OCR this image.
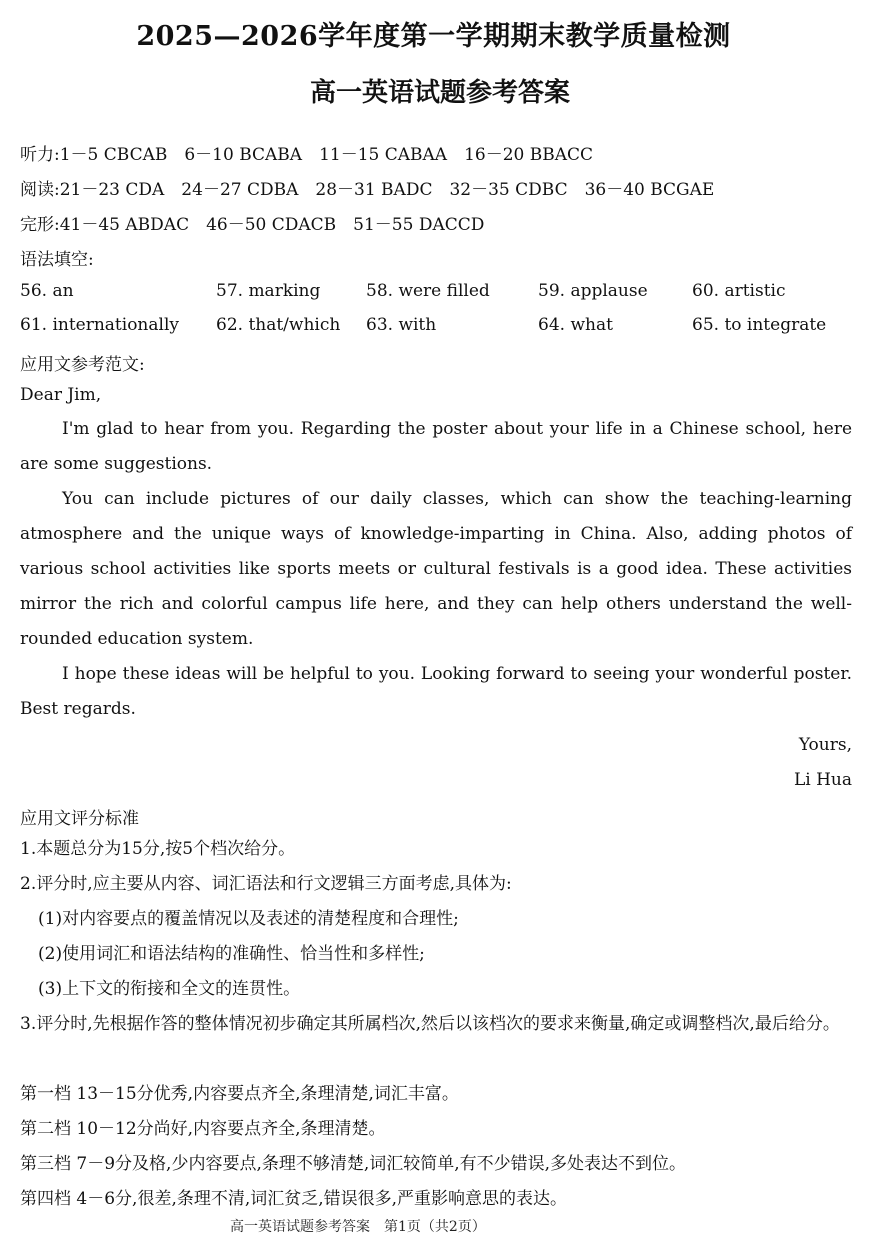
2025—2026学年度第一学期期末教学质量检测
高一英语试题参考答案
听力:1－5 CBCAB　6－10 BCABA　11－15 CABAA　16－20 BBACC
阅读:21－23 CDA　24－27 CDBA　28－31 BADC　32－35 CDBC　36－40 BCGAE
完形:41－45 ABDAC　46－50 CDACB　51－55 DACCD
语法填空:
56. an	57. marking	58. were filled	59. applause	60. artistic
61. internationally 62. that/which 63. with	64. what	65. to integrate
应用文参考范文:
Dear Jim,
I'm glad to hear from you. Regarding the poster about your life in a Chinese school, here are some suggestions.
You can include pictures of our daily classes, which can show the teaching-learning atmosphere and the unique ways of knowledge-imparting in China. Also, adding photos of various school activities like sports meets or cultural festivals is a good idea. These activities mirror the rich and colorful campus life here, and they can help others understand the well-rounded education system.
I hope these ideas will be helpful to you. Looking forward to seeing your wonderful poster. Best regards.
Yours,
Li Hua
应用文评分标准
1.本题总分为15分,按5个档次给分。
2.评分时,应主要从内容、词汇语法和行文逻辑三方面考虑,具体为:
(1)对内容要点的覆盖情况以及表述的清楚程度和合理性;
(2)使用词汇和语法结构的准确性、恰当性和多样性;
(3)上下文的衔接和全文的连贯性。
3.评分时,先根据作答的整体情况初步确定其所属档次,然后以该档次的要求来衡量,确定或调整档次,最后给分。
第一档 13－15分优秀,内容要点齐全,条理清楚,词汇丰富。
第二档 10－12分尚好,内容要点齐全,条理清楚。
第三档 7－9分及格,少内容要点,条理不够清楚,词汇较简单,有不少错误,多处表达不到位。
第四档 4－6分,很差,条理不清,词汇贫乏,错误很多,严重影响意思的表达。
高一英语试题参考答案　第1页（共2页）
